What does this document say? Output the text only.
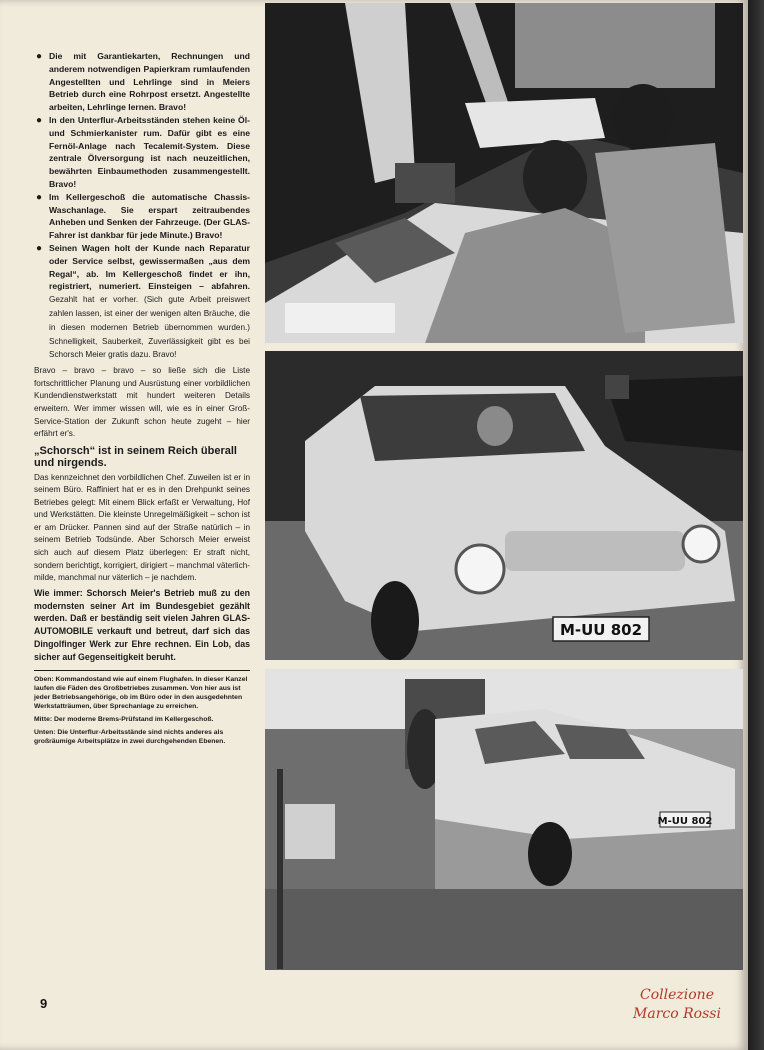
● Die mit Garantiekarten, Rechnungen und anderem notwendigen Papierkram rumlaufenden Angestellten und Lehrlinge sind in Meiers Betrieb durch eine Rohrpost ersetzt. Angestellte arbeiten, Lehrlinge lernen. Bravo!

● In den Unterflur-Arbeitsständen stehen keine Öl- und Schmierkanister rum. Dafür gibt es eine Fernöl-Anlage nach Tecalemit-System. Diese zentrale Ölversorgung ist nach neuzeitlichen, bewährten Einbaumethoden zusammengestellt. Bravo!

● Im Kellergeschoß die automatische Chassis-Waschanlage. Sie erspart zeitraubendes Anheben und Senken der Fahrzeuge. (Der GLAS-Fahrer ist dankbar für jede Minute.) Bravo!

● Seinen Wagen holt der Kunde nach Reparatur oder Service selbst, gewissermaßen „aus dem Regal“, ab. Im Kellergeschoß findet er ihn, registriert, numeriert. Einsteigen – abfahren. Gezahlt hat er vorher. (Sich gute Arbeit preiswert zahlen lassen, ist einer der wenigen alten Bräuche, die in diesen modernen Betrieb übernommen wurden.) Schnelligkeit, Sauberkeit, Zuverlässigkeit gibt es bei Schorsch Meier gratis dazu. Bravo!

Bravo – bravo – bravo – so ließe sich die Liste fortschrittlicher Planung und Ausrüstung einer vorbildlichen Kundendienstwerkstatt mit hundert weiteren Details erweitern. Wer immer wissen will, wie es in einer Groß-Service-Station der Zukunft schon heute zugeht – hier erfährt er's.

„Schorsch“ ist in seinem Reich überall und nirgends.

Das kennzeichnet den vorbildlichen Chef. Zuweilen ist er in seinem Büro. Raffiniert hat er es in den Drehpunkt seines Betriebes gelegt: Mit einem Blick erfaßt er Verwaltung, Hof und Werkstätten. Die kleinste Unregelmäßigkeit – schon ist er am Drücker. Pannen sind auf der Straße natürlich – in seinem Betrieb Todsünde. Aber Schorsch Meier erweist sich auch auf diesem Platz überlegen: Er straft nicht, sondern berichtigt, korrigiert, dirigiert – manchmal väterlich-milde, manchmal nur väterlich – je nachdem.

Wie immer: Schorsch Meier's Betrieb muß zu den modernsten seiner Art im Bundesgebiet gezählt werden. Daß er beständig seit vielen Jahren GLAS-AUTOMOBILE verkauft und betreut, darf sich das Dingolfinger Werk zur Ehre rechnen. Ein Lob, das sicher auf Gegenseitigkeit beruht.

Oben: Kommandostand wie auf einem Flughafen. In dieser Kanzel laufen die Fäden des Großbetriebes zusammen. Von hier aus ist jeder Betriebsangehörige, ob im Büro oder in den ausgedehnten Werkstatträumen, über Sprechanlage zu erreichen.

Mitte: Der moderne Brems-Prüfstand im Kellergeschoß.

Unten: Die Unterflur-Arbeitsstände sind nichts anderes als großräumige Arbeitsplätze in zwei durchgehenden Ebenen.

9
Collezione
Marco Rossi
M-UU 802
M-UU 802
